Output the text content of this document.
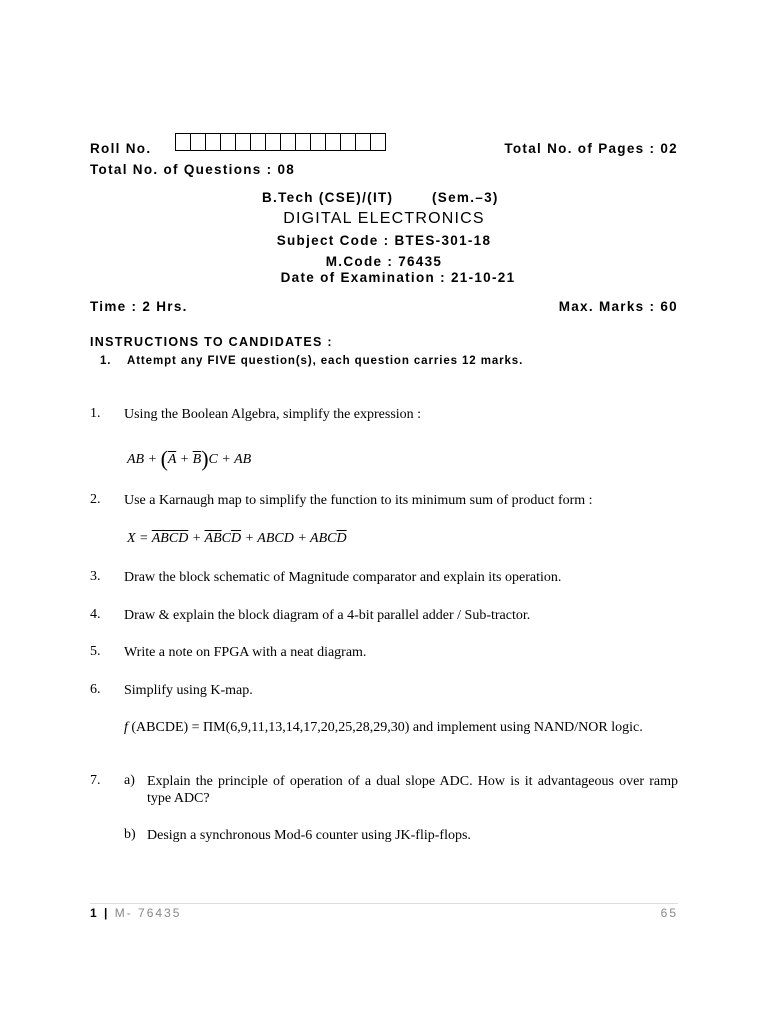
Roll No.	Total No. of Pages : 02
Total No. of Questions : 08
B.Tech (CSE)/(IT)	(Sem.–3)
DIGITAL ELECTRONICS
Subject Code : BTES-301-18
M.Code : 76435
Date of Examination : 21-10-21
Time : 2 Hrs.	Max. Marks : 60
INSTRUCTIONS TO CANDIDATES :
1. Attempt any FIVE question(s), each question carries 12 marks.
1. Using the Boolean Algebra, simplify the expression :
AB + $(\overline{A} + \overline{B})C$ + AB
2. Use a Karnaugh map to simplify the function to its minimum sum of product form :
X = ABCD + $\overline{AB}C\overline{D}$ + ABCD + $ABC\overline{D}$
3. Draw the block schematic of Magnitude comparator and explain its operation.
4. Draw & explain the block diagram of a 4-bit parallel adder / Sub-tractor.
5. Write a note on FPGA with a neat diagram.
6. Simplify using K-map.
f (ABCDE) = ΠM(6,9,11,13,14,17,20,25,28,29,30) and implement using NAND/NOR logic.
7. a) Explain the principle of operation of a dual slope ADC. How is it advantageous over ramp type ADC?
b) Design a synchronous Mod-6 counter using JK-flip-flops.
1 | M- 76435	65
